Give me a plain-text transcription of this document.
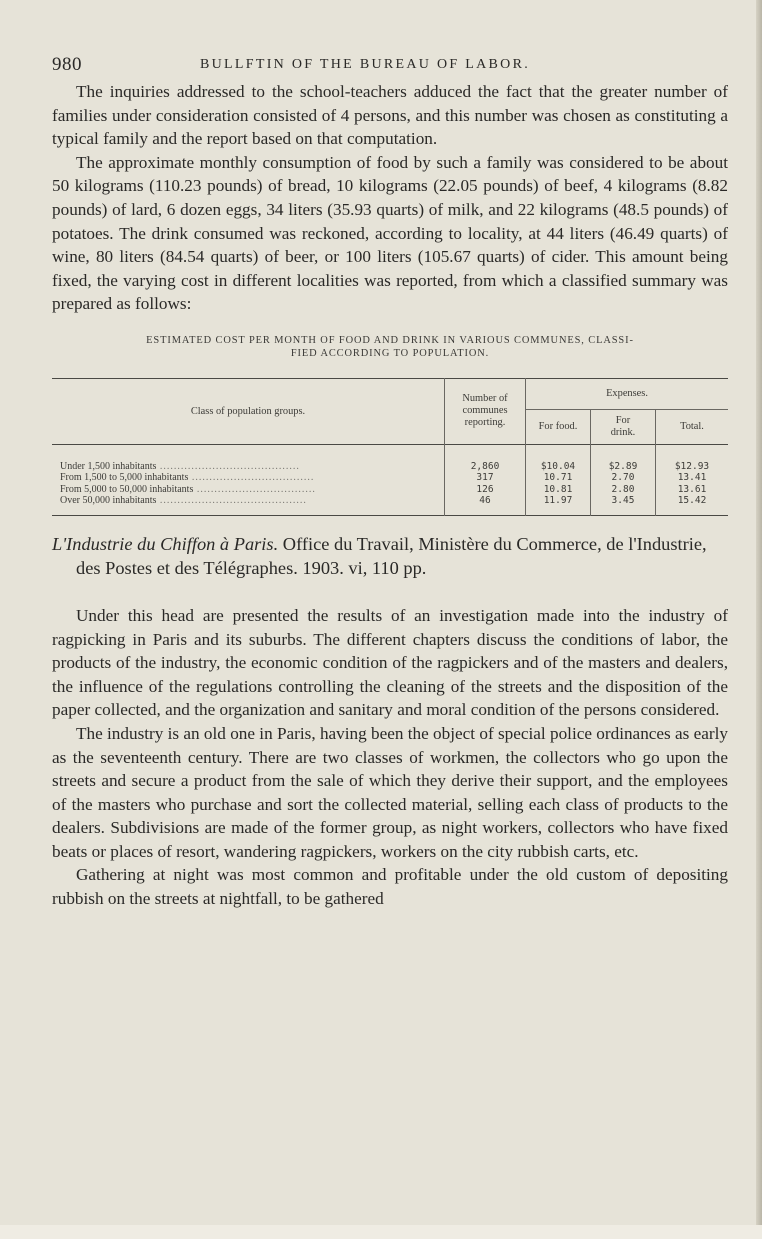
980	BULLFTIN OF THE BUREAU OF LABOR.

The inquiries addressed to the school-teachers adduced the fact that the greater number of families under consideration consisted of 4 persons, and this number was chosen as constituting a typical family and the report based on that computation.

The approximate monthly consumption of food by such a family was considered to be about 50 kilograms (110.23 pounds) of bread, 10 kilograms (22.05 pounds) of beef, 4 kilograms (8.82 pounds) of lard, 6 dozen eggs, 34 liters (35.93 quarts) of milk, and 22 kilograms (48.5 pounds) of potatoes. The drink consumed was reckoned, according to locality, at 44 liters (46.49 quarts) of wine, 80 liters (84.54 quarts) of beer, or 100 liters (105.67 quarts) of cider. This amount being fixed, the varying cost in different localities was reported, from which a classified summary was prepared as follows:

ESTIMATED COST PER MONTH OF FOOD AND DRINK IN VARIOUS COMMUNES, CLASSI-
FIED ACCORDING TO POPULATION.
Class of population groups.	Number of
communes
reporting.	Expenses.		
		For food.	For
drink.	Total.
Under 1,500 inhabitants ........................................	2,860	$10.04	$2.89	$12.93
From 1,500 to 5,000 inhabitants ...................................	317	10.71	2.70	13.41
From 5,000 to 50,000 inhabitants ..................................	126	10.81	2.80	13.61
Over 50,000 inhabitants ..........................................	46	11.97	3.45	15.42

L'Industrie du Chiffon à Paris. Office du Travail, Ministère du Commerce, de l'Industrie, des Postes et des Télégraphes. 1903. vi, 110 pp.

Under this head are presented the results of an investigation made into the industry of ragpicking in Paris and its suburbs. The different chapters discuss the conditions of labor, the products of the industry, the economic condition of the ragpickers and of the masters and dealers, the influence of the regulations controlling the cleaning of the streets and the disposition of the paper collected, and the organization and sanitary and moral condition of the persons considered.

The industry is an old one in Paris, having been the object of special police ordinances as early as the seventeenth century. There are two classes of workmen, the collectors who go upon the streets and secure a product from the sale of which they derive their support, and the employees of the masters who purchase and sort the collected material, selling each class of products to the dealers. Subdivisions are made of the former group, as night workers, collectors who have fixed beats or places of resort, wandering ragpickers, workers on the city rubbish carts, etc.

Gathering at night was most common and profitable under the old custom of depositing rubbish on the streets at nightfall, to be gathered
